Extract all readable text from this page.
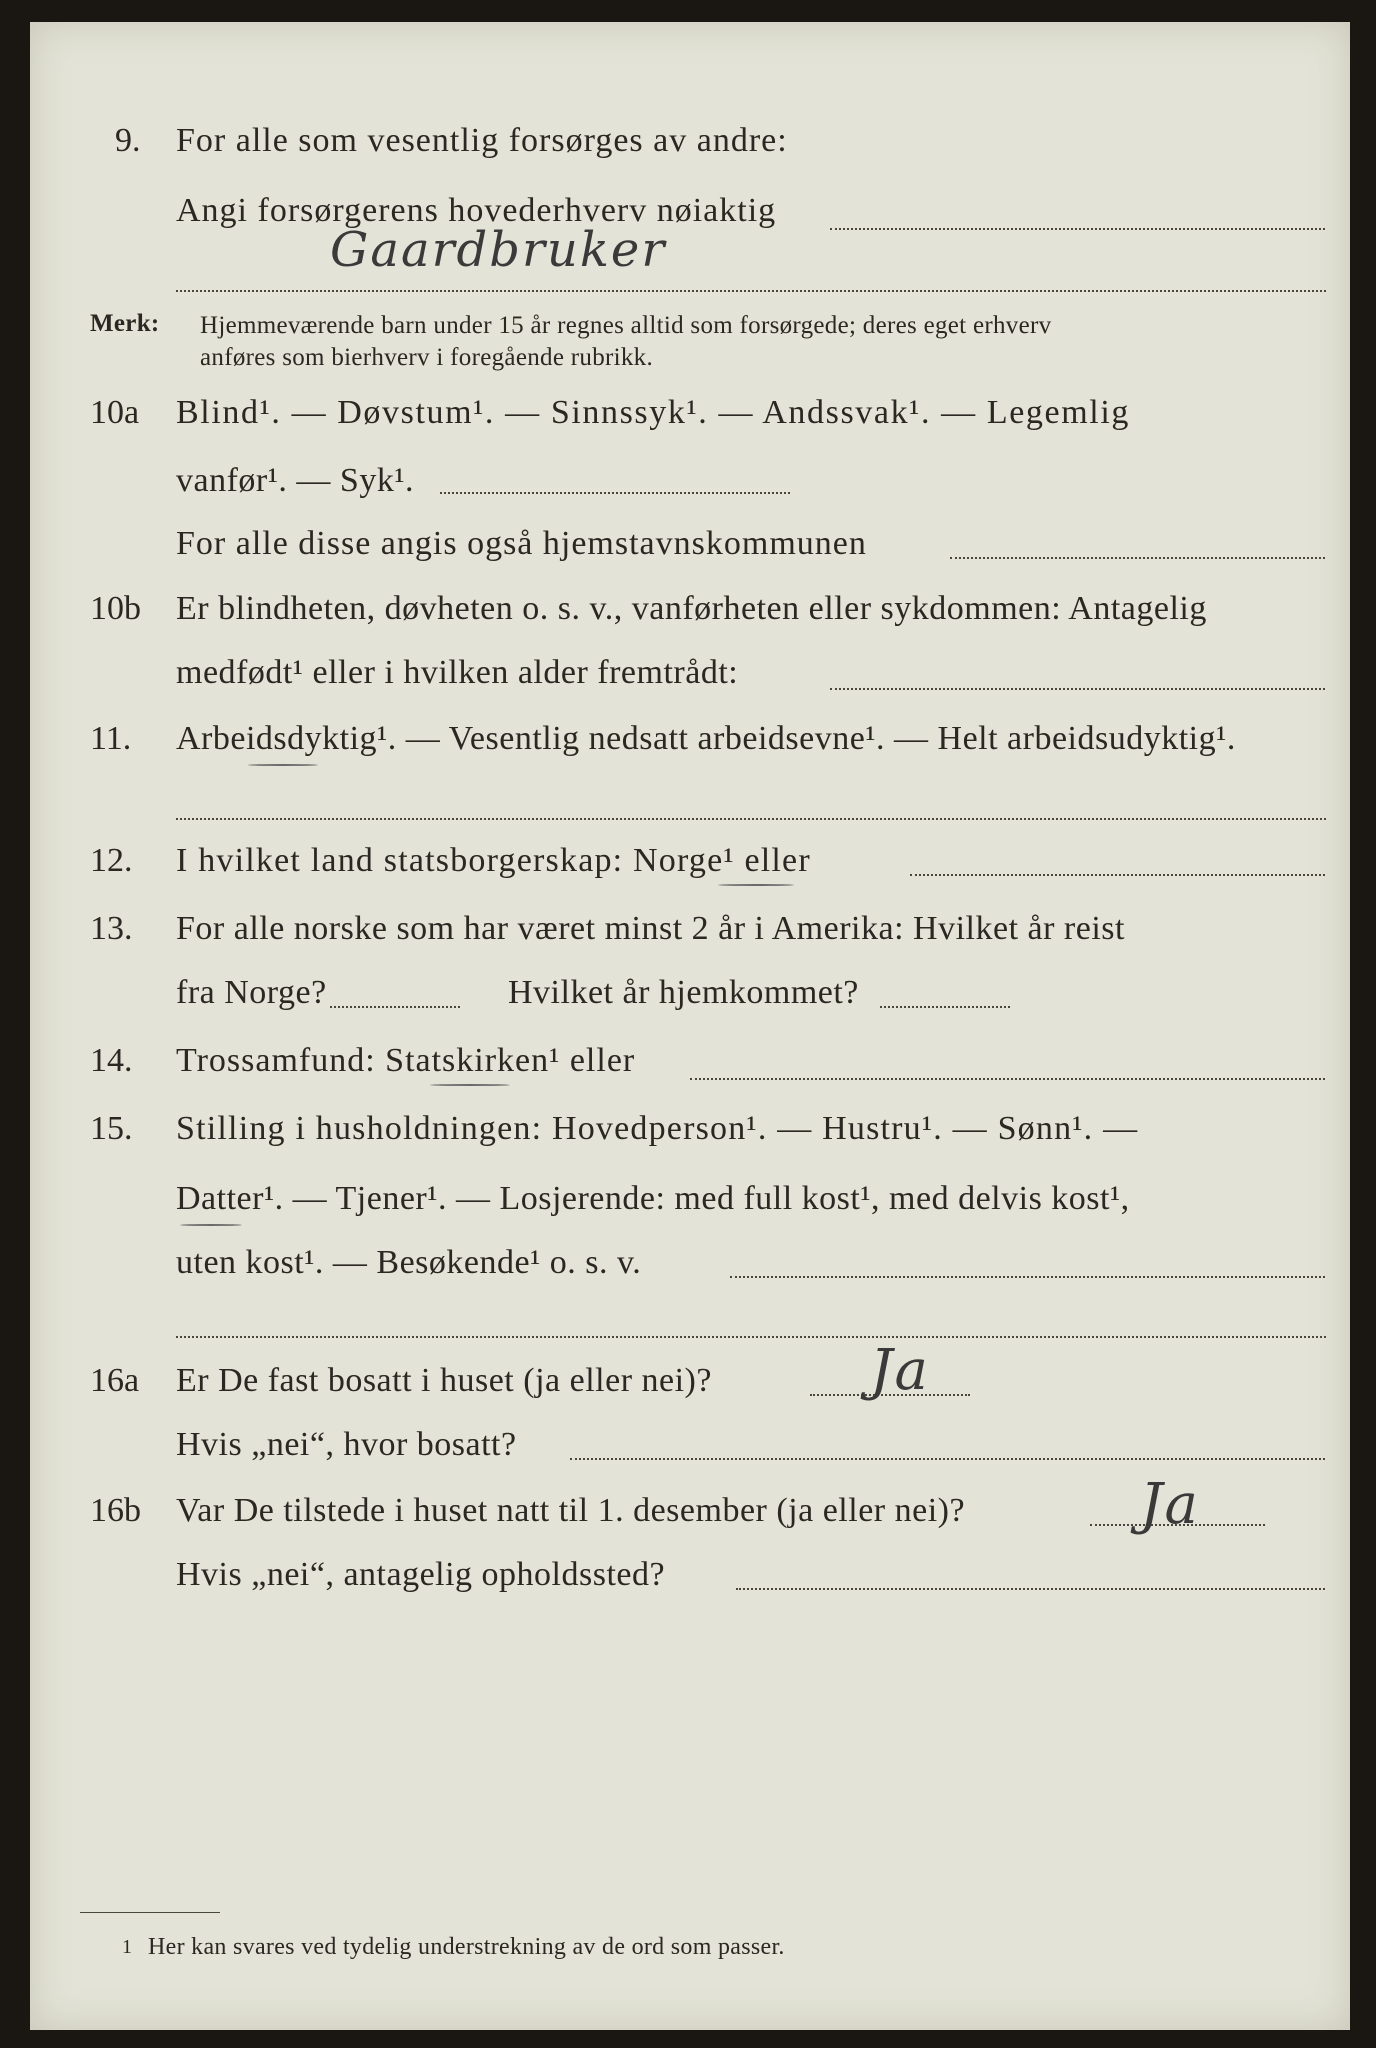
9. For alle som vesentlig forsørges av andre:
Angi forsørgerens hovederhverv nøiaktig
Gaardbruker
Merk: Hjemmeværende barn under 15 år regnes alltid som forsørgede; deres eget erhverv
anføres som bierhverv i foregående rubrikk.
10a Blind¹. — Døvstum¹. — Sinnssyk¹. — Andssvak¹. — Legemlig
vanfør¹. — Syk¹.
For alle disse angis også hjemstavnskommunen
10b Er blindheten, døvheten o. s. v., vanførheten eller sykdommen: Antagelig
medfødt¹ eller i hvilken alder fremtrådt:
11. Arbeidsdyktig¹. — Vesentlig nedsatt arbeidsevne¹. — Helt arbeidsudyktig¹.
12. I hvilket land statsborgerskap: Norge¹ eller
13. For alle norske som har været minst 2 år i Amerika: Hvilket år reist
fra Norge?	Hvilket år hjemkommet?
14. Trossamfund: Statskirken¹ eller
15. Stilling i husholdningen: Hovedperson¹. — Hustru¹. — Sønn¹. —
Datter¹. — Tjener¹. — Losjerende: med full kost¹, med delvis kost¹,
uten kost¹. — Besøkende¹ o. s. v.
16a Er De fast bosatt i huset (ja eller nei)?	Ja
Hvis „nei“, hvor bosatt?
16b Var De tilstede i huset natt til 1. desember (ja eller nei)?	Ja
Hvis „nei“, antagelig opholdssted?
1 Her kan svares ved tydelig understrekning av de ord som passer.
